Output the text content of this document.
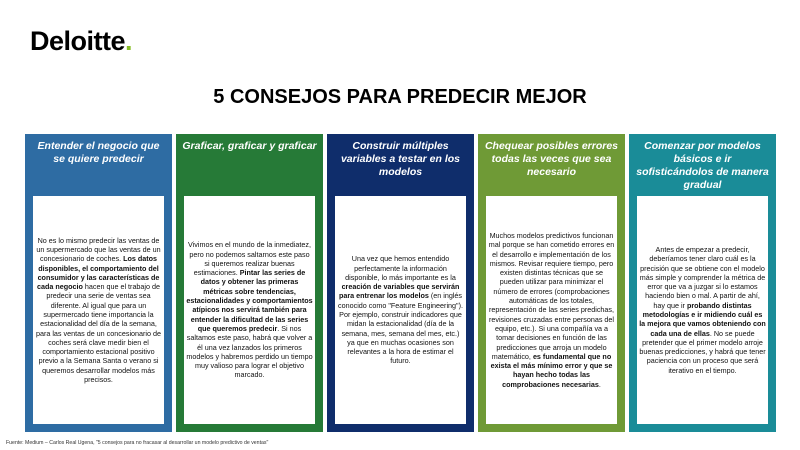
Deloitte.
5 CONSEJOS PARA PREDECIR MEJOR
Entender el negocio que se quiere predecir
No es lo mismo predecir las ventas de un supermercado que las ventas de un concesionario de coches. Los datos disponibles, el comportamiento del consumidor y las características de cada negocio hacen que el trabajo de predecir una serie de ventas sea diferente. Al igual que para un supermercado tiene importancia la estacionalidad del día de la semana, para las ventas de un concesionario de coches será clave medir bien el comportamiento estacional positivo previo a la Semana Santa o verano si queremos desarrollar modelos más precisos.
Graficar, graficar y graficar
Vivimos en el mundo de la inmediatez, pero no podemos saltarnos este paso si queremos realizar buenas estimaciones. Pintar las series de datos y obtener las primeras métricas sobre tendencias, estacionalidades y comportamientos atípicos nos servirá también para entender la dificultad de las series que queremos predecir. Si nos saltamos este paso, habrá que volver a él una vez lanzados los primeros modelos y habremos perdido un tiempo muy valioso para lograr el objetivo marcado.
Construir múltiples variables a testar en los modelos
Una vez que hemos entendido perfectamente la información disponible, lo más importante es la creación de variables que servirán para entrenar los modelos (en inglés conocido como "Feature Engineering"). Por ejemplo, construir indicadores que midan la estacionalidad (día de la semana, mes, semana del mes, etc.) ya que en muchas ocasiones son relevantes a la hora de estimar el futuro.
Chequear posibles errores todas las veces que sea necesario
Muchos modelos predictivos funcionan mal porque se han cometido errores en el desarrollo e implementación de los mismos. Revisar requiere tiempo, pero existen distintas técnicas que se pueden utilizar para minimizar el número de errores (comprobaciones automáticas de los totales, representación de las series predichas, revisiones cruzadas entre personas del equipo, etc.). Si una compañía va a tomar decisiones en función de las predicciones que arroja un modelo matemático, es fundamental que no exista el más mínimo error y que se hayan hecho todas las comprobaciones necesarias.
Comenzar por modelos básicos e ir sofisticándolos de manera gradual
Antes de empezar a predecir, deberíamos tener claro cuál es la precisión que se obtiene con el modelo más simple y comprender la métrica de error que va a juzgar si lo estamos haciendo bien o mal. A partir de ahí, hay que ir probando distintas metodologías e ir midiendo cuál es la mejora que vamos obteniendo con cada una de ellas. No se puede pretender que el primer modelo arroje buenas predicciones, y habrá que tener paciencia con un proceso que será iterativo en el tiempo.
Fuente: Medium – Carlos Real Ugena, "5 consejos para no fracasar al desarrollar un modelo predictivo de ventas"
